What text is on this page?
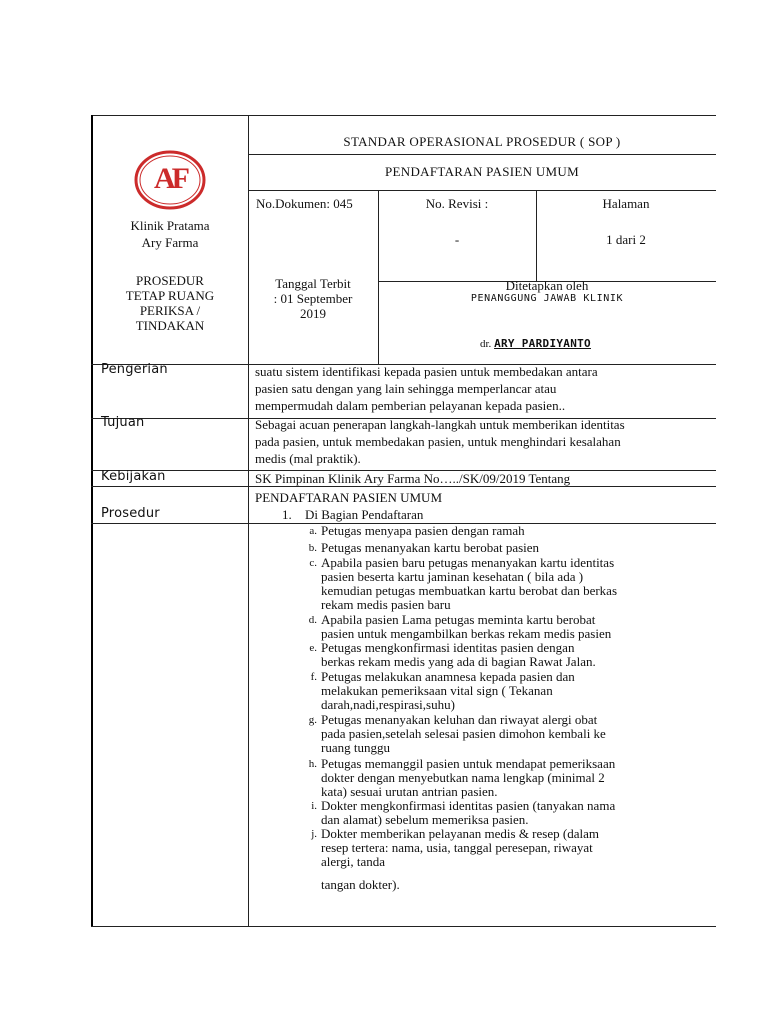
AF
Klinik Pratama
Ary Farma
STANDAR OPERASIONAL PROSEDUR ( SOP )
PENDAFTARAN PASIEN UMUM
No.Dokumen: 045	No. Revisi :
-
Halaman
1 dari 2
PROSEDUR
TETAP RUANG
PERIKSA /
TINDAKAN
Tanggal Terbit
: 01 September
2019
Ditetapkan oleh
PENANGGUNG JAWAB KLINIK
dr. ARY PARDIYANTO
Pengerian
Tujuan
Kebijakan
Prosedur
suatu sistem identifikasi kepada pasien untuk membedakan antara
pasien satu dengan yang lain sehingga memperlancar atau
mempermudah dalam pemberian pelayanan kepada pasien..
Sebagai acuan penerapan langkah-langkah untuk memberikan identitas
pada pasien, untuk membedakan pasien, untuk menghindari kesalahan
medis (mal praktik).
SK Pimpinan Klinik Ary Farma No…../SK/09/2019 Tentang
PENDAFTARAN PASIEN UMUM
1. Di Bagian Pendaftaran
a. Petugas menyapa pasien dengan ramah
b. Petugas menanyakan kartu berobat pasien
c. Apabila pasien baru petugas menanyakan kartu identitas
pasien beserta kartu jaminan kesehatan ( bila ada )
kemudian petugas membuatkan kartu berobat dan berkas
rekam medis pasien baru
d. Apabila pasien Lama petugas meminta kartu berobat
pasien untuk mengambilkan berkas rekam medis pasien
e. Petugas mengkonfirmasi identitas pasien dengan
berkas rekam medis yang ada di bagian Rawat Jalan.
f. Petugas melakukan anamnesa kepada pasien dan
melakukan pemeriksaan vital sign ( Tekanan
darah,nadi,respirasi,suhu)
g. Petugas menanyakan keluhan dan riwayat alergi obat
pada pasien,setelah selesai pasien dimohon kembali ke
ruang tunggu
h. Petugas memanggil pasien untuk mendapat pemeriksaan
dokter dengan menyebutkan nama lengkap (minimal 2
kata) sesuai urutan antrian pasien.
i. Dokter mengkonfirmasi identitas pasien (tanyakan nama
dan alamat) sebelum memeriksa pasien.
j. Dokter memberikan pelayanan medis & resep (dalam
resep tertera: nama, usia, tanggal peresepan, riwayat
alergi, tanda
tangan dokter).
